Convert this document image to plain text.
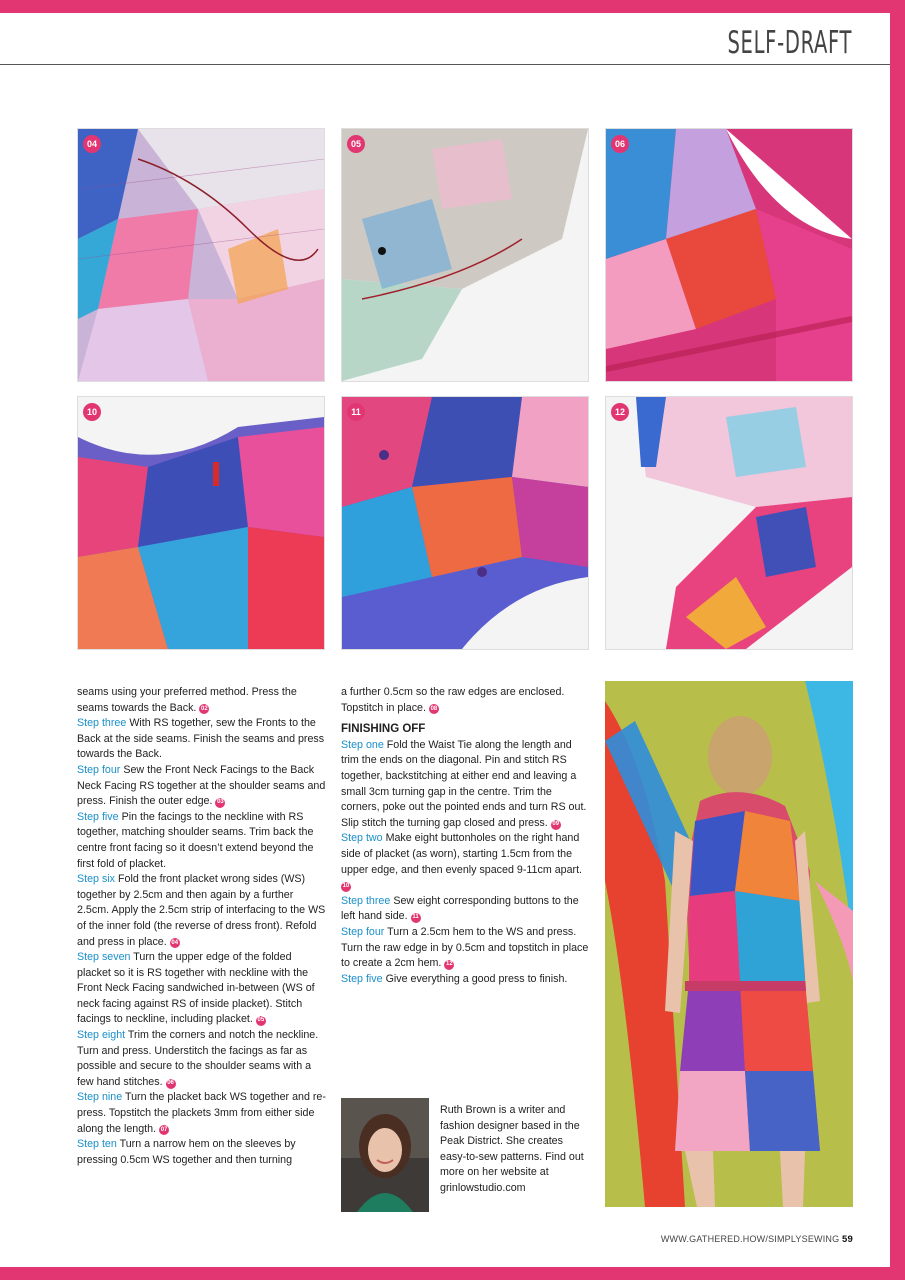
SELF-DRAFT
04	05	06
10	11	12

seams using your preferred method. Press the seams towards the Back. 02

Step three With RS together, sew the Fronts to the Back at the side seams. Finish the seams and press towards the Back.

Step four Sew the Front Neck Facings to the Back Neck Facing RS together at the shoulder seams and press. Finish the outer edge. 03

Step five Pin the facings to the neckline with RS together, matching shoulder seams. Trim back the centre front facing so it doesn’t extend beyond the first fold of placket.

Step six Fold the front placket wrong sides (WS) together by 2.5cm and then again by a further 2.5cm. Apply the 2.5cm strip of interfacing to the WS of the inner fold (the reverse of dress front). Refold and press in place. 04

Step seven Turn the upper edge of the folded placket so it is RS together with neckline with the Front Neck Facing sandwiched in-between (WS of neck facing against RS of inside placket). Stitch facings to neckline, including placket. 05

Step eight Trim the corners and notch the neckline. Turn and press. Understitch the facings as far as possible and secure to the shoulder seams with a few hand stitches. 06

Step nine Turn the placket back WS together and re-press. Topstitch the plackets 3mm from either side along the length. 07

Step ten Turn a narrow hem on the sleeves by pressing 0.5cm WS together and then turning

a further 0.5cm so the raw edges are enclosed. Topstitch in place. 08

FINISHING OFF

Step one Fold the Waist Tie along the length and trim the ends on the diagonal. Pin and stitch RS together, backstitching at either end and leaving a small 3cm turning gap in the centre. Trim the corners, poke out the pointed ends and turn RS out. Slip stitch the turning gap closed and press. 09

Step two Make eight buttonholes on the right hand side of placket (as worn), starting 1.5cm from the upper edge, and then evenly spaced 9-11cm apart. 10

Step three Sew eight corresponding buttons to the left hand side. 11

Step four Turn a 2.5cm hem to the WS and press. Turn the raw edge in by 0.5cm and topstitch in place to create a 2cm hem. 12

Step five Give everything a good press to finish.

Ruth Brown is a writer and fashion designer based in the Peak District. She creates easy-to-sew patterns. Find out more on her website at grinlowstudio.com
WWW.GATHERED.HOW/SIMPLYSEWING 59
